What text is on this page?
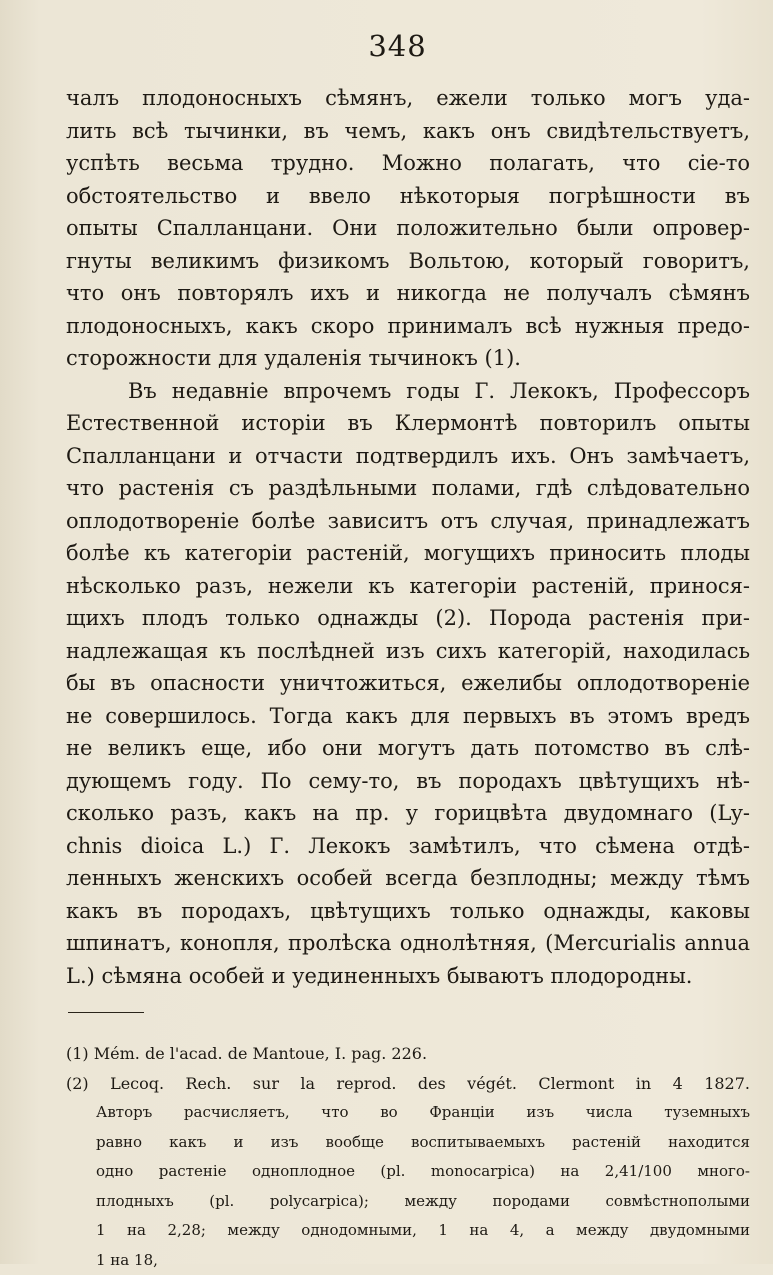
348
чалъ плодоносныхъ сѣмянъ, ежели только могъ уда-
лить всѣ тычинки, въ чемъ, какъ онъ свидѣтельствуетъ,
успѣть весьма трудно. Можно полагать, что сіе-то
обстоятельство и ввело нѣкоторыя погрѣшности въ
опыты Спалланцани. Они положительно были опровер-
гнуты великимъ физикомъ Вольтою, который говоритъ,
что онъ повторялъ ихъ и никогда не получалъ сѣмянъ
плодоносныхъ, какъ скоро принималъ всѣ нужныя предо-
сторожности для удаленія тычинокъ (1).
Въ недавніе впрочемъ годы Г. Лекокъ, Профессоръ
Естественной исторіи въ Клермонтѣ повторилъ опыты
Спалланцани и отчасти подтвердилъ ихъ. Онъ замѣчаетъ,
что растенія съ раздѣльными полами, гдѣ слѣдовательно
оплодотвореніе болѣе зависитъ отъ случая, принадлежатъ
болѣе къ категоріи растеній, могущихъ приносить плоды
нѣсколько разъ, нежели къ категоріи растеній, принося-
щихъ плодъ только однажды (2). Порода растенія при-
надлежащая къ послѣдней изъ сихъ категорій, находилась
бы въ опасности уничтожиться, ежелибы оплодотвореніе
не совершилось. Тогда какъ для первыхъ въ этомъ вредъ
не великъ еще, ибо они могутъ дать потомство въ слѣ-
дующемъ году. По сему-то, въ породахъ цвѣтущихъ нѣ-
сколько разъ, какъ на пр. у горицвѣта двудомнаго (Ly-
chnis dioica L.) Г. Лекокъ замѣтилъ, что сѣмена отдѣ-
ленныхъ женскихъ особей всегда безплодны; между тѣмъ
какъ въ породахъ, цвѣтущихъ только однажды, каковы
шпинатъ, конопля, пролѣска однолѣтняя, (Mercurialis annua
L.) сѣмяна особей и уединенныхъ бываютъ плодородны.
(1) Mém. de l'acad. de Mantoue, I. pag. 226.
(2) Lecoq. Rech. sur la reprod. des végét. Clermont in 4 1827.
Авторъ расчисляетъ, что во Франціи изъ числа туземныхъ
равно какъ и изъ вообще воспитываемыхъ растеній находится
одно растеніе одноплодное (pl. monocarpica) на 2,41/100 много-
плодныхъ (pl. polycarpica); между породами совмѣстнополыми
1 на 2,28; между однодомными, 1 на 4, а между двудомными
1 на 18,
